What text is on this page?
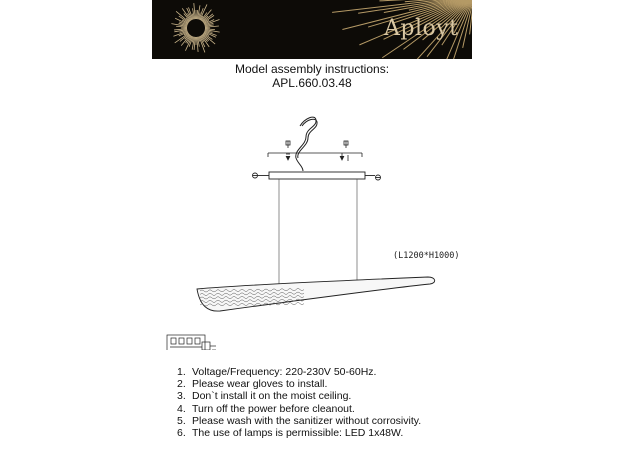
Aployt
Model assembly instructions:
APL.660.03.48
(L1200*H1000)
1. Voltage/Frequency: 220-230V 50-60Hz.
2. Please wear gloves to install.
3. Don`t install it on the moist ceiling.
4. Turn off the power before cleanout.
5. Please wash with the sanitizer without corrosivity.
6. The use of lamps is permissible: LED 1x48W.
